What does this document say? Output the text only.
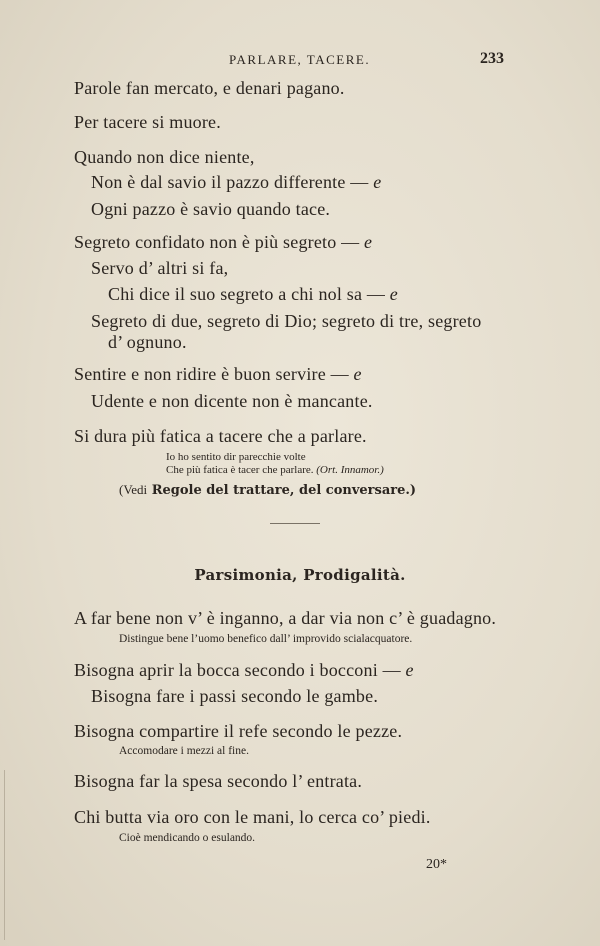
PARLARE, TACERE.	233
Parole fan mercato, e denari pagano.
Per tacere si muore.
Quando non dice niente,
Non è dal savio il pazzo differente — e
Ogni pazzo è savio quando tace.
Segreto confidato non è più segreto — e
Servo d’ altri si fa,
Chi dice il suo segreto a chi nol sa — e
Segreto di due, segreto di Dio; segreto di tre, segreto
d’ ognuno.
Sentire e non ridire è buon servire — e
Udente e non dicente non è mancante.
Si dura più fatica a tacere che a parlare.
Io ho sentito dir parecchie volte
Che più fatica è tacer che parlare. (Ort. Innamor.)
(Vedi Regole del trattare, del conversare.)
Parsimonia, Prodigalità.
A far bene non v’ è inganno, a dar via non c’ è guadagno.
Distingue bene l’uomo benefico dall’ improvido scialacquatore.
Bisogna aprir la bocca secondo i bocconi — e
Bisogna fare i passi secondo le gambe.
Bisogna compartire il refe secondo le pezze.
Accomodare i mezzi al fine.
Bisogna far la spesa secondo l’ entrata.
Chi butta via oro con le mani, lo cerca co’ piedi.
Cioè mendicando o esulando.
20*
